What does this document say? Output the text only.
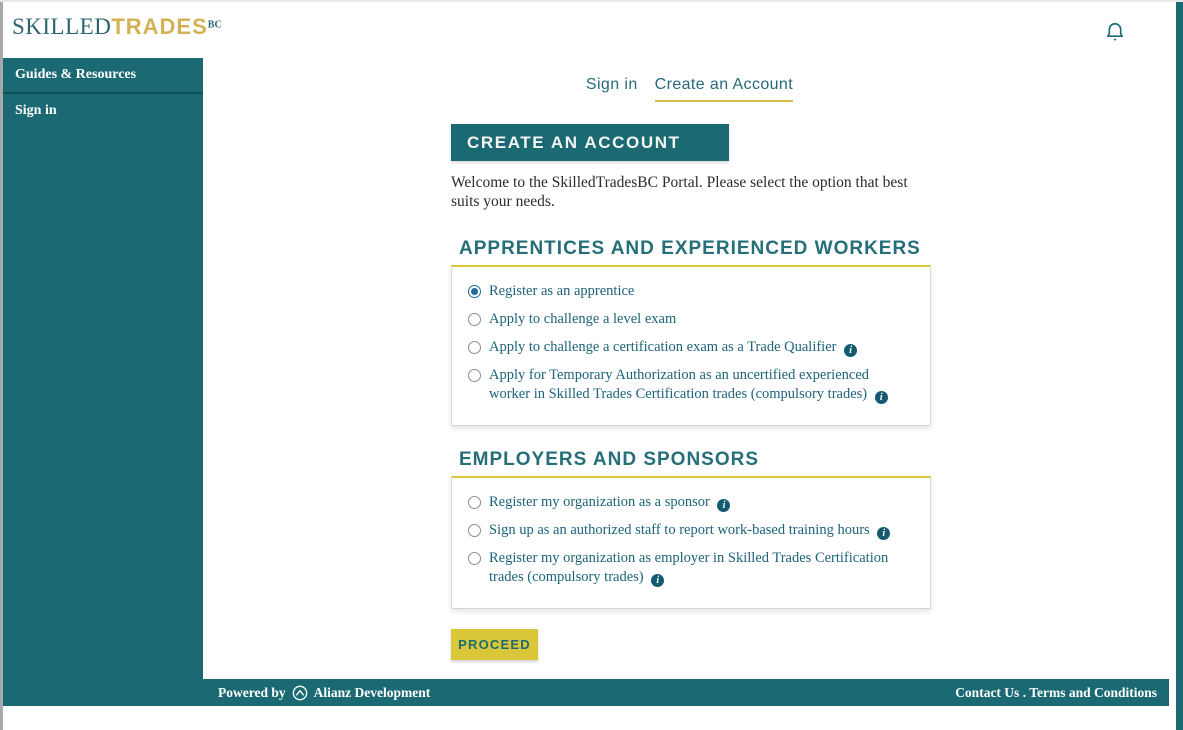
$SKILLEDTRADES^{BC}$
Guides & Resources
Sign in
Sign in Create an Account
CREATE AN ACCOUNT

Welcome to the SkilledTradesBC Portal. Please select the option that best suits your needs.

APPRENTICES AND EXPERIENCED WORKERS
Register as an apprentice
Apply to challenge a level exam
Apply to challenge a certification exam as a Trade Qualifier i
Apply for Temporary Authorization as an uncertified experienced worker in Skilled Trades Certification trades (compulsory trades) i
EMPLOYERS AND SPONSORS
Register my organization as a sponsor i
Sign up as an authorized staff to report work-based training hours i
Register my organization as employer in Skilled Trades Certification trades (compulsory trades) i
PROCEED
Powered by Alianz Development	Contact Us . Terms and Conditions
